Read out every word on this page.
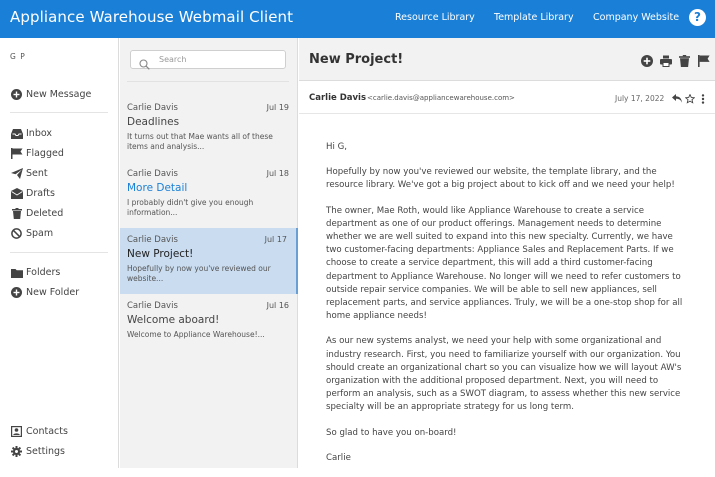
Appliance Warehouse Webmail Client	Resource Library Template Library Company Website	?
G P
New Message
Inbox
Flagged
Sent
Drafts
Deleted
Spam
Folders
New Folder
Contacts
Settings
Search
Carlie Davis	Jul 19
Deadlines
It turns out that Mae wants all of these items and analysis...
Carlie Davis	Jul 18
More Detail
I probably didn't give you enough information...
Carlie Davis	Jul 17
New Project!
Hopefully by now you've reviewed our website...
Carlie Davis	Jul 16
Welcome aboard!
Welcome to Appliance Warehouse!...
New Project!
Carlie Davis <carlie.davis@appliancewarehouse.com>	July 17, 2022

Hi G,

Hopefully by now you've reviewed our website, the template library, and the resource library. We've got a big project about to kick off and we need your help!

The owner, Mae Roth, would like Appliance Warehouse to create a service department as one of our product offerings. Management needs to determine whether we are well suited to expand into this new specialty. Currently, we have two customer-facing departments: Appliance Sales and Replacement Parts. If we choose to create a service department, this will add a third customer-facing department to Appliance Warehouse. No longer will we need to refer customers to outside repair service companies. We will be able to sell new appliances, sell replacement parts, and service appliances. Truly, we will be a one-stop shop for all home appliance needs!

As our new systems analyst, we need your help with some organizational and industry research. First, you need to familiarize yourself with our organization. You should create an organizational chart so you can visualize how we will layout AW's organization with the additional proposed department. Next, you will need to perform an analysis, such as a SWOT diagram, to assess whether this new service specialty will be an appropriate strategy for us long term.

So glad to have you on-board!

Carlie
